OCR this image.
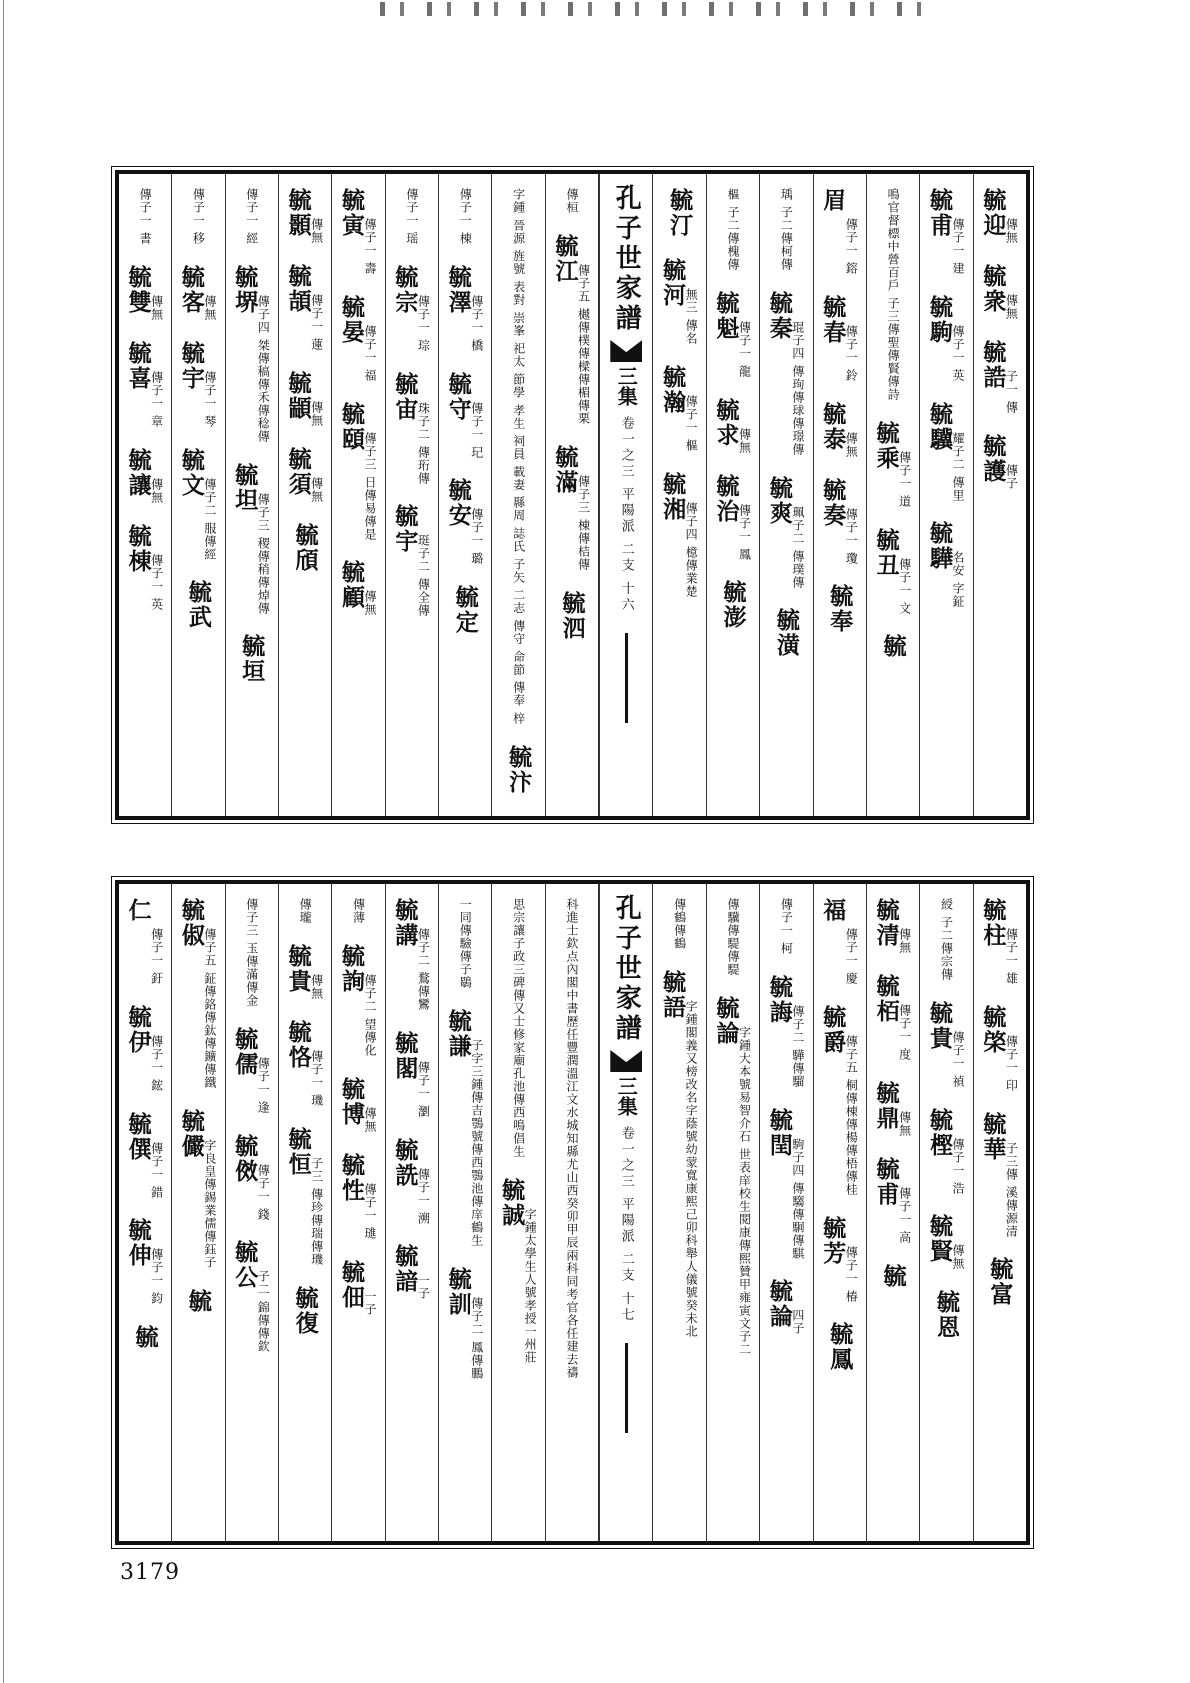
毓迎
傳無
毓衆
傳無
毓誥
子一 傳
毓護
傳子
毓甫
傳子一 建
毓駒
傳子一 英
毓驥
耀子二 傳里
毓驊
名安 字鉦
鳴官督標中營百戶 子三傳聖傳賢傳詩
毓乘
傳子一 道
毓丑
傳子一 文
毓
眉
傳子一 鎔
毓春
傳子一 鈴
毓泰
傳無
毓奏
傳子一 瓊
毓奉
瑀 子二傳柯傳
毓秦
琨子四 傳珣傳球傳璟傳
毓爽
珮子二 傳璞傳
毓潢
樞 子二傳槐傳
毓魁
傳子一 龍
毓求
傳無
毓治
傳子一 鳳
毓澎
毓汀
毓河
無三 傳名
毓瀚
傳子一 樞
毓湘
傳子四 檍傳業楚
孔子世家譜
三集
卷一之三 平陽派 二支 十六
傳桓
毓江
傳子五 樾傳樸傳樑傳楣傳栗
毓滿
傳子三 棟傳桔傳
毓泗
字鍾 晉源 旌號 表對 崇峯 祀太 節學 孝生 祠員 載妻 縣周 誌氏 子矢 二志 傳守 命節 傳奉 梓
毓汴
傳子一 棟
毓澤
傳子一 橋
毓守
傳子一 玘
毓安
傳子一 璐
毓定
傳子一 瑶
毓宗
傳子一 琮
毓宙
珠子二 傳珩傳
毓宇
珽子二 傳全傳
毓寅
傳子一 壽
毓晏
傳子一 福
毓頤
傳子三 日傳易傳是
毓顧
傳無
毓顥
傳無
毓頡
傳子一 蓮
毓顓
傳無
毓須
傳無
毓頎
傳子一 經
毓堺
傳子四 桀傳稿傳禾傳稔傳
毓坦
傳子三 稷傳稍傳焯傳
毓垣
傳子一 移
毓客
傳無
毓宇
傳子一 琴
毓文
傳子二 服傳經
毓武
傳子一 書
毓雙
傳無
毓喜
傳子一 章
毓讓
傳無
毓棟
傳子一 英
毓柱
傳子一 雄
毓棨
傳子一 印
毓華
子三傳 溪傳源清
毓富
綬 子二傳宗傳
毓貴
傳子一 禎
毓樫
傳子一 浩
毓賢
傳無
毓恩
毓清
傳無
毓栢
傳子一 度
毓鼎
傳無
毓甫
傳子一 高
毓
福
傳子一 慶
毓爵
傳子五 桐傳棟傳楊傳梧傳桂
毓芳
傳子一 椿
毓鳳
傳子一 柯
毓誨
傳子二 驊傳騮
毓閏
駒子四 傳騶傳駉傳騏
毓論
四子
傳驥傳騠傳騠
毓論
字鍾大本號易智介石 世表庠校生閱康傳熙贊甲雍寅文子二
傳鶴傳鶴
毓語
字鍾閣義又榜改名字蔭號幼蒙寬康熙己卯科舉人儀號癸未北
孔子世家譜
三集
卷一之三 平陽派 二支 十七
科進士欽点內閣中書歷任豐潤溫江文水城知縣尤山西癸卯甲辰兩科同考官各任建去禱
思宗讓子政三碑傳又士修家廟孔池傳西鳴倡生
毓誠
字鍾太學生人號孝授一州莊
一同傳驗傳子鶡
毓謙
子字三鍾傳吉鶚號傳西鶚池傳庠鶴生
毓訓
傳子二 鳳傳鵬
毓講
傳子二 鶩傳鸞
毓閣
傳子一 瀏
毓詵
傳子一 溯
毓諳
一子
傳薄
毓詢
傳子二 望傳化
毓博
傳無
毓性
傳子一 璡
毓佃
一子
傳瓏
毓貴
傳無
毓恪
傳子一 璣
毓恒
子三 傳珍傳瑞傳璣
毓復
傳子三 玉傳滿傳金
毓儒
傳子一 逢
毓傚
傳子一 錢
毓公
子二 錦傳傳欽
毓俶
傳子五 鉦傳鉻傳鈦傳鑛傳鐵
毓儼
字良皇傳錫業儒傳鈺子
毓
仁
傳子一 釪
毓伊
傳子一 鋐
毓僎
傳子一 錯
毓伸
傳子一 鈞
毓
3179
